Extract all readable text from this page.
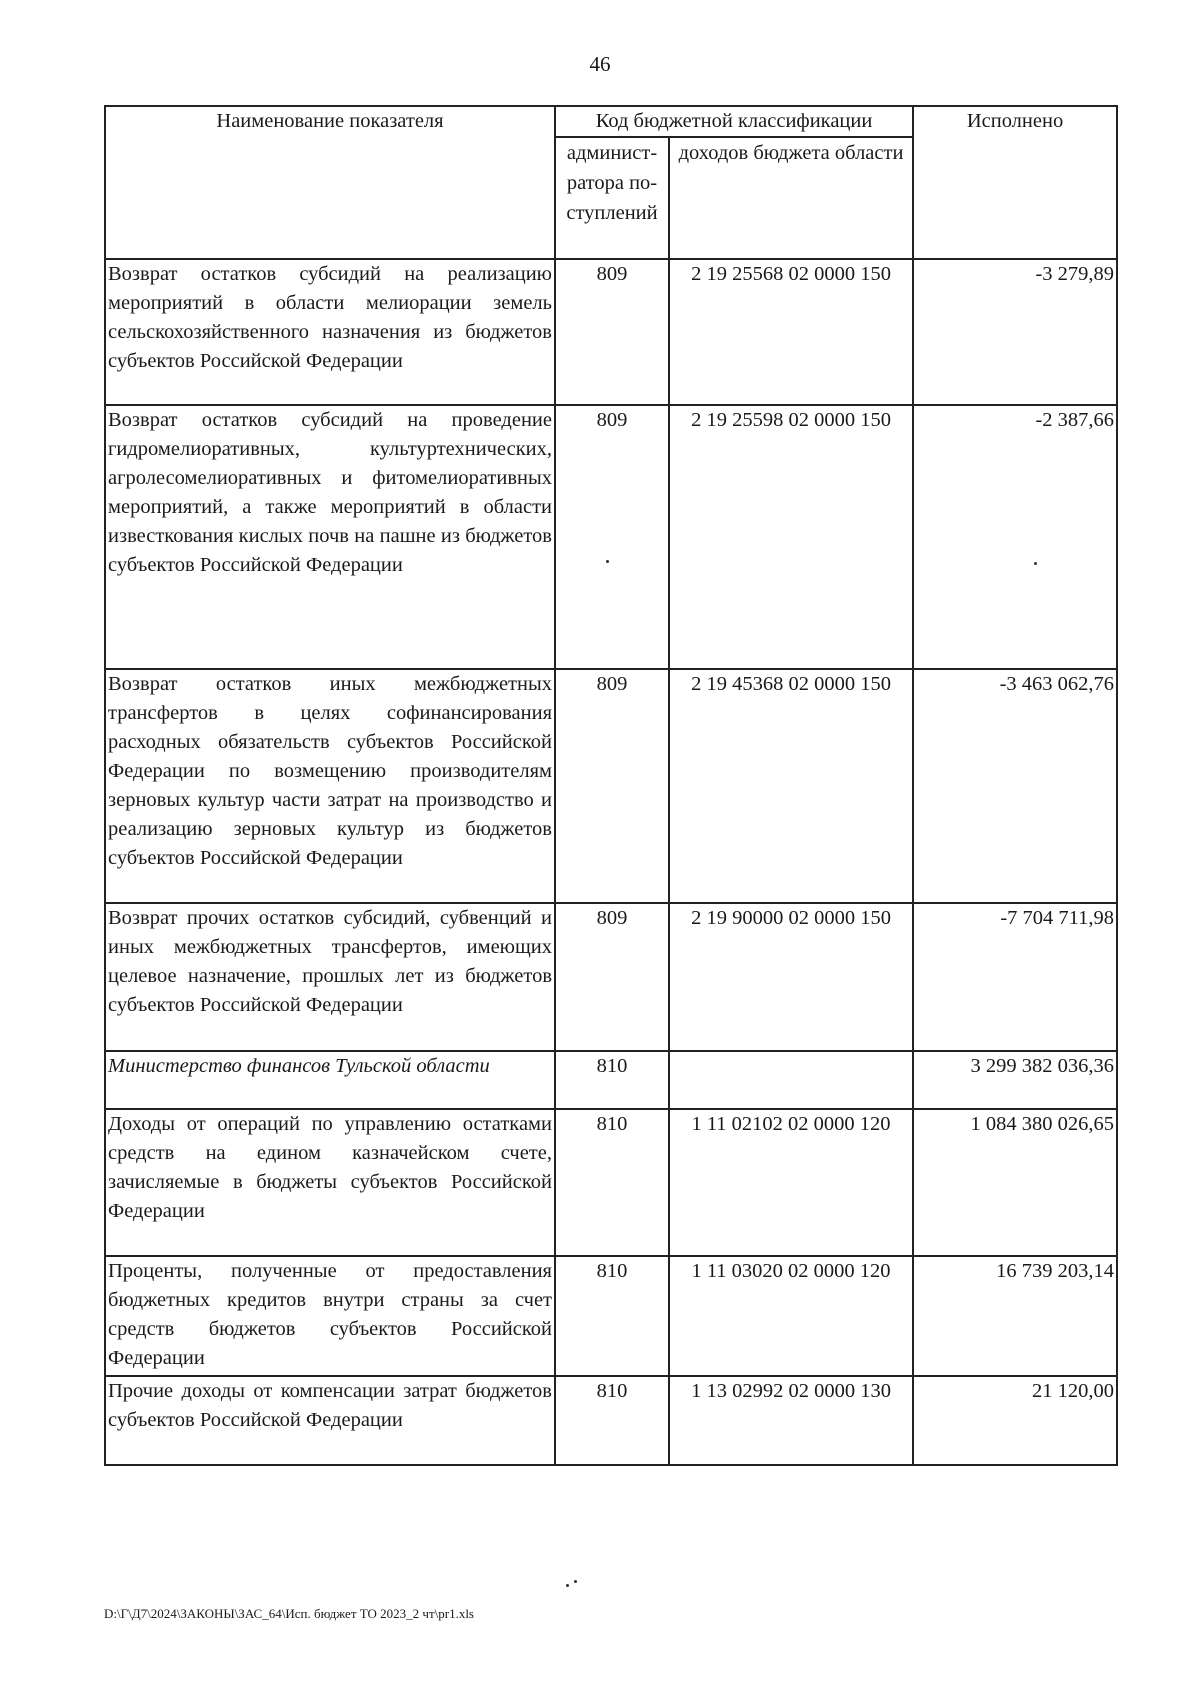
46
Наименование показателя	Код бюджетной классификации		Исполнено
	админист-ратора по-ступлений	доходов бюджета области	
Возврат остатков субсидий на реализацию мероприятий в области мелиорации земель сельскохозяйственного назначения из бюджетов субъектов Российской Федерации	809	2 19 25568 02 0000 150	-3 279,89
Возврат остатков субсидий на проведение гидромелиоративных, культуртехнических, агролесомелиоративных и фитомелиоративных мероприятий, а также мероприятий в области известкования кислых почв на пашне из бюджетов субъектов Российской Федерации	809	2 19 25598 02 0000 150	-2 387,66
Возврат остатков иных межбюджетных трансфертов в целях софинансирования расходных обязательств субъектов Российской Федерации по возмещению производителям зерновых культур части затрат на производство и реализацию зерновых культур из бюджетов субъектов Российской Федерации	809	2 19 45368 02 0000 150	-3 463 062,76
Возврат прочих остатков субсидий, субвенций и иных межбюджетных трансфертов, имеющих целевое назначение, прошлых лет из бюджетов субъектов Российской Федерации	809	2 19 90000 02 0000 150	-7 704 711,98
Министерство финансов Тульской области	810		3 299 382 036,36
Доходы от операций по управлению остатками средств на едином казначейском счете, зачисляемые в бюджеты субъектов Российской Федерации	810	1 11 02102 02 0000 120	1 084 380 026,65
Проценты, полученные от предоставления бюджетных кредитов внутри страны за счет средств бюджетов субъектов Российской Федерации	810	1 11 03020 02 0000 120	16 739 203,14
Прочие доходы от компенсации затрат бюджетов субъектов Российской Федерации	810	1 13 02992 02 0000 130	21 120,00
D:\Г\Д7\2024\ЗАКОНЫ\ЗАС_64\Исп. бюджет ТО 2023_2 чт\pr1.xls
